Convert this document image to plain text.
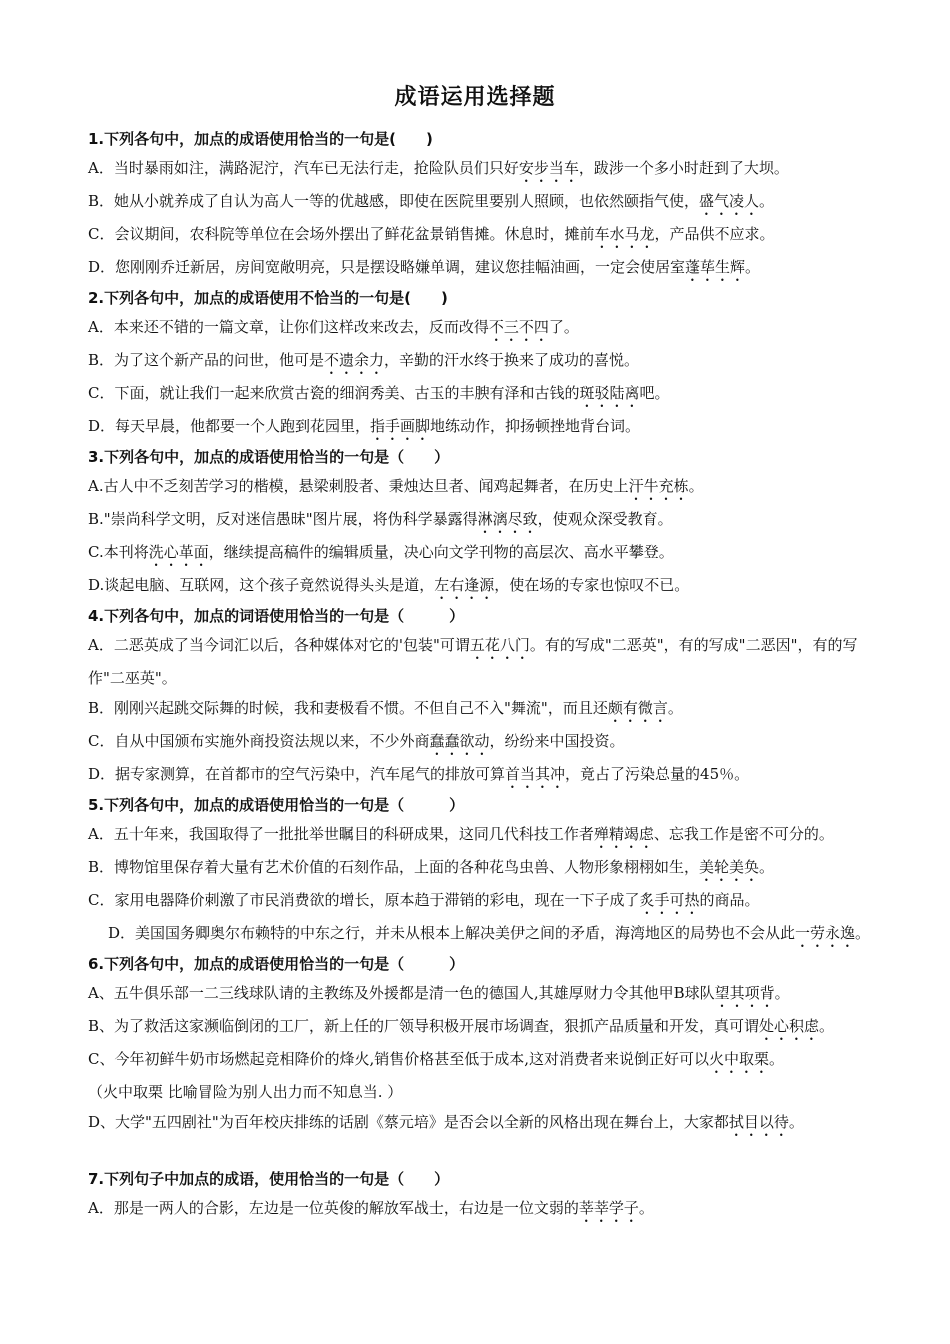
成语运用选择题
1.下列各句中，加点的成语使用恰当的一句是(　　)
A．当时暴雨如注，满路泥泞，汽车已无法行走，抢险队员们只好安步当车，跋涉一个多小时赶到了大坝。
B．她从小就养成了自认为高人一等的优越感，即使在医院里要别人照顾，也依然颐指气使，盛气凌人。
C．会议期间，农科院等单位在会场外摆出了鲜花盆景销售摊。休息时，摊前车水马龙，产品供不应求。
D．您刚刚乔迁新居，房间宽敞明亮，只是摆设略嫌单调，建议您挂幅油画，一定会使居室蓬荜生辉。
2.下列各句中，加点的成语使用不恰当的一句是(　　)
A．本来还不错的一篇文章，让你们这样改来改去，反而改得不三不四了。
B．为了这个新产品的问世，他可是不遗余力，辛勤的汗水终于换来了成功的喜悦。
C．下面，就让我们一起来欣赏古瓷的细润秀美、古玉的丰腴有泽和古钱的斑驳陆离吧。
D．每天早晨，他都要一个人跑到花园里，指手画脚地练动作，抑扬顿挫地背台词。
3.下列各句中，加点的成语使用恰当的一句是（　　）
A.古人中不乏刻苦学习的楷模，悬梁刺股者、秉烛达旦者、闻鸡起舞者，在历史上汗牛充栋。
B."崇尚科学文明，反对迷信愚昧"图片展，将伪科学暴露得淋漓尽致，使观众深受教育。
C.本刊将洗心革面，继续提高稿件的编辑质量，决心向文学刊物的高层次、高水平攀登。
D.谈起电脑、互联网，这个孩子竟然说得头头是道，左右逢源，使在场的专家也惊叹不已。
4.下列各句中，加点的词语使用恰当的一句是（　　　）
A．二恶英成了当今词汇以后，各种媒体对它的'包装"可谓五花八门。有的写成"二恶英"，有的写成"二恶因"，有的写作"二巫英"。
B．刚刚兴起跳交际舞的时候，我和妻极看不惯。不但自己不入"舞流"，而且还颇有微言。
C．自从中国颁布实施外商投资法规以来，不少外商蠢蠢欲动，纷纷来中国投资。
D．据专家测算，在首都市的空气污染中，汽车尾气的排放可算首当其冲，竟占了污染总量的45％。
5.下列各句中，加点的成语使用恰当的一句是（　　　）
A．五十年来，我国取得了一批批举世瞩目的科研成果，这同几代科技工作者殚精竭虑、忘我工作是密不可分的。
B．博物馆里保存着大量有艺术价值的石刻作品，上面的各种花鸟虫兽、人物形象栩栩如生，美轮美奂。
C．家用电器降价刺激了市民消费欲的增长，原本趋于滞销的彩电，现在一下子成了炙手可热的商品。
D．美国国务卿奥尔布赖特的中东之行，并未从根本上解决美伊之间的矛盾，海湾地区的局势也不会从此一劳永逸。
6.下列各句中，加点的成语使用恰当的一句是（　　　）
A、五牛俱乐部一二三线球队请的主教练及外援都是清一色的德国人,其雄厚财力令其他甲B球队望其项背。
B、为了救活这家濒临倒闭的工厂，新上任的厂领导积极开展市场调查，狠抓产品质量和开发，真可谓处心积虑。
C、今年初鲜牛奶市场燃起竞相降价的烽火,销售价格甚至低于成本,这对消费者来说倒正好可以火中取栗。
（火中取栗 比喻冒险为别人出力而不知息当. ）
D、大学"五四剧社"为百年校庆排练的话剧《蔡元培》是否会以全新的风格出现在舞台上，大家都拭目以待。
7.下列句子中加点的成语，使用恰当的一句是（　　）
A．那是一两人的合影，左边是一位英俊的解放军战士，右边是一位文弱的莘莘学子。
